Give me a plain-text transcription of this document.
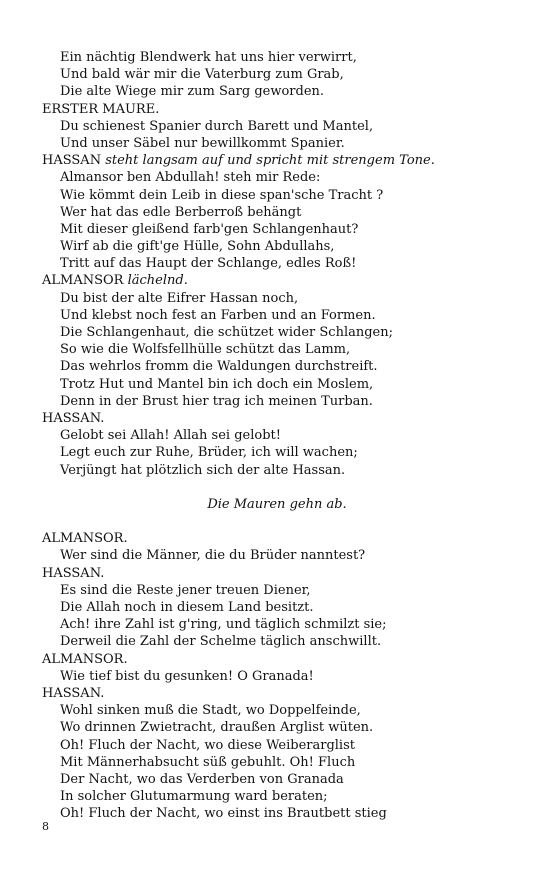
Ein nächtig Blendwerk hat uns hier verwirrt,
Und bald wär mir die Vaterburg zum Grab,
Die alte Wiege mir zum Sarg geworden.
ERSTER MAURE.
Du schienest Spanier durch Barett und Mantel,
Und unser Säbel nur bewillkommt Spanier.
HASSAN steht langsam auf und spricht mit strengem Tone.
Almansor ben Abdullah! steh mir Rede:
Wie kömmt dein Leib in diese span'sche Tracht ?
Wer hat das edle Berberroß behängt
Mit dieser gleißend farb'gen Schlangenhaut?
Wirf ab die gift'ge Hülle, Sohn Abdullahs,
Tritt auf das Haupt der Schlange, edles Roß!
ALMANSOR lächelnd.
Du bist der alte Eifrer Hassan noch,
Und klebst noch fest an Farben und an Formen.
Die Schlangenhaut, die schützet wider Schlangen;
So wie die Wolfsfellhülle schützt das Lamm,
Das wehrlos fromm die Waldungen durchstreift.
Trotz Hut und Mantel bin ich doch ein Moslem,
Denn in der Brust hier trag ich meinen Turban.
HASSAN.
Gelobt sei Allah! Allah sei gelobt!
Legt euch zur Ruhe, Brüder, ich will wachen;
Verjüngt hat plötzlich sich der alte Hassan.
Die Mauren gehn ab.
ALMANSOR.
Wer sind die Männer, die du Brüder nanntest?
HASSAN.
Es sind die Reste jener treuen Diener,
Die Allah noch in diesem Land besitzt.
Ach! ihre Zahl ist g'ring, und täglich schmilzt sie;
Derweil die Zahl der Schelme täglich anschwillt.
ALMANSOR.
Wie tief bist du gesunken! O Granada!
HASSAN.
Wohl sinken muß die Stadt, wo Doppelfeinde,
Wo drinnen Zwietracht, draußen Arglist wüten.
Oh! Fluch der Nacht, wo diese Weiberarglist
Mit Männerhabsucht süß gebuhlt. Oh! Fluch
Der Nacht, wo das Verderben von Granada
In solcher Glutumarmung ward beraten;
Oh! Fluch der Nacht, wo einst ins Brautbett stieg
8
